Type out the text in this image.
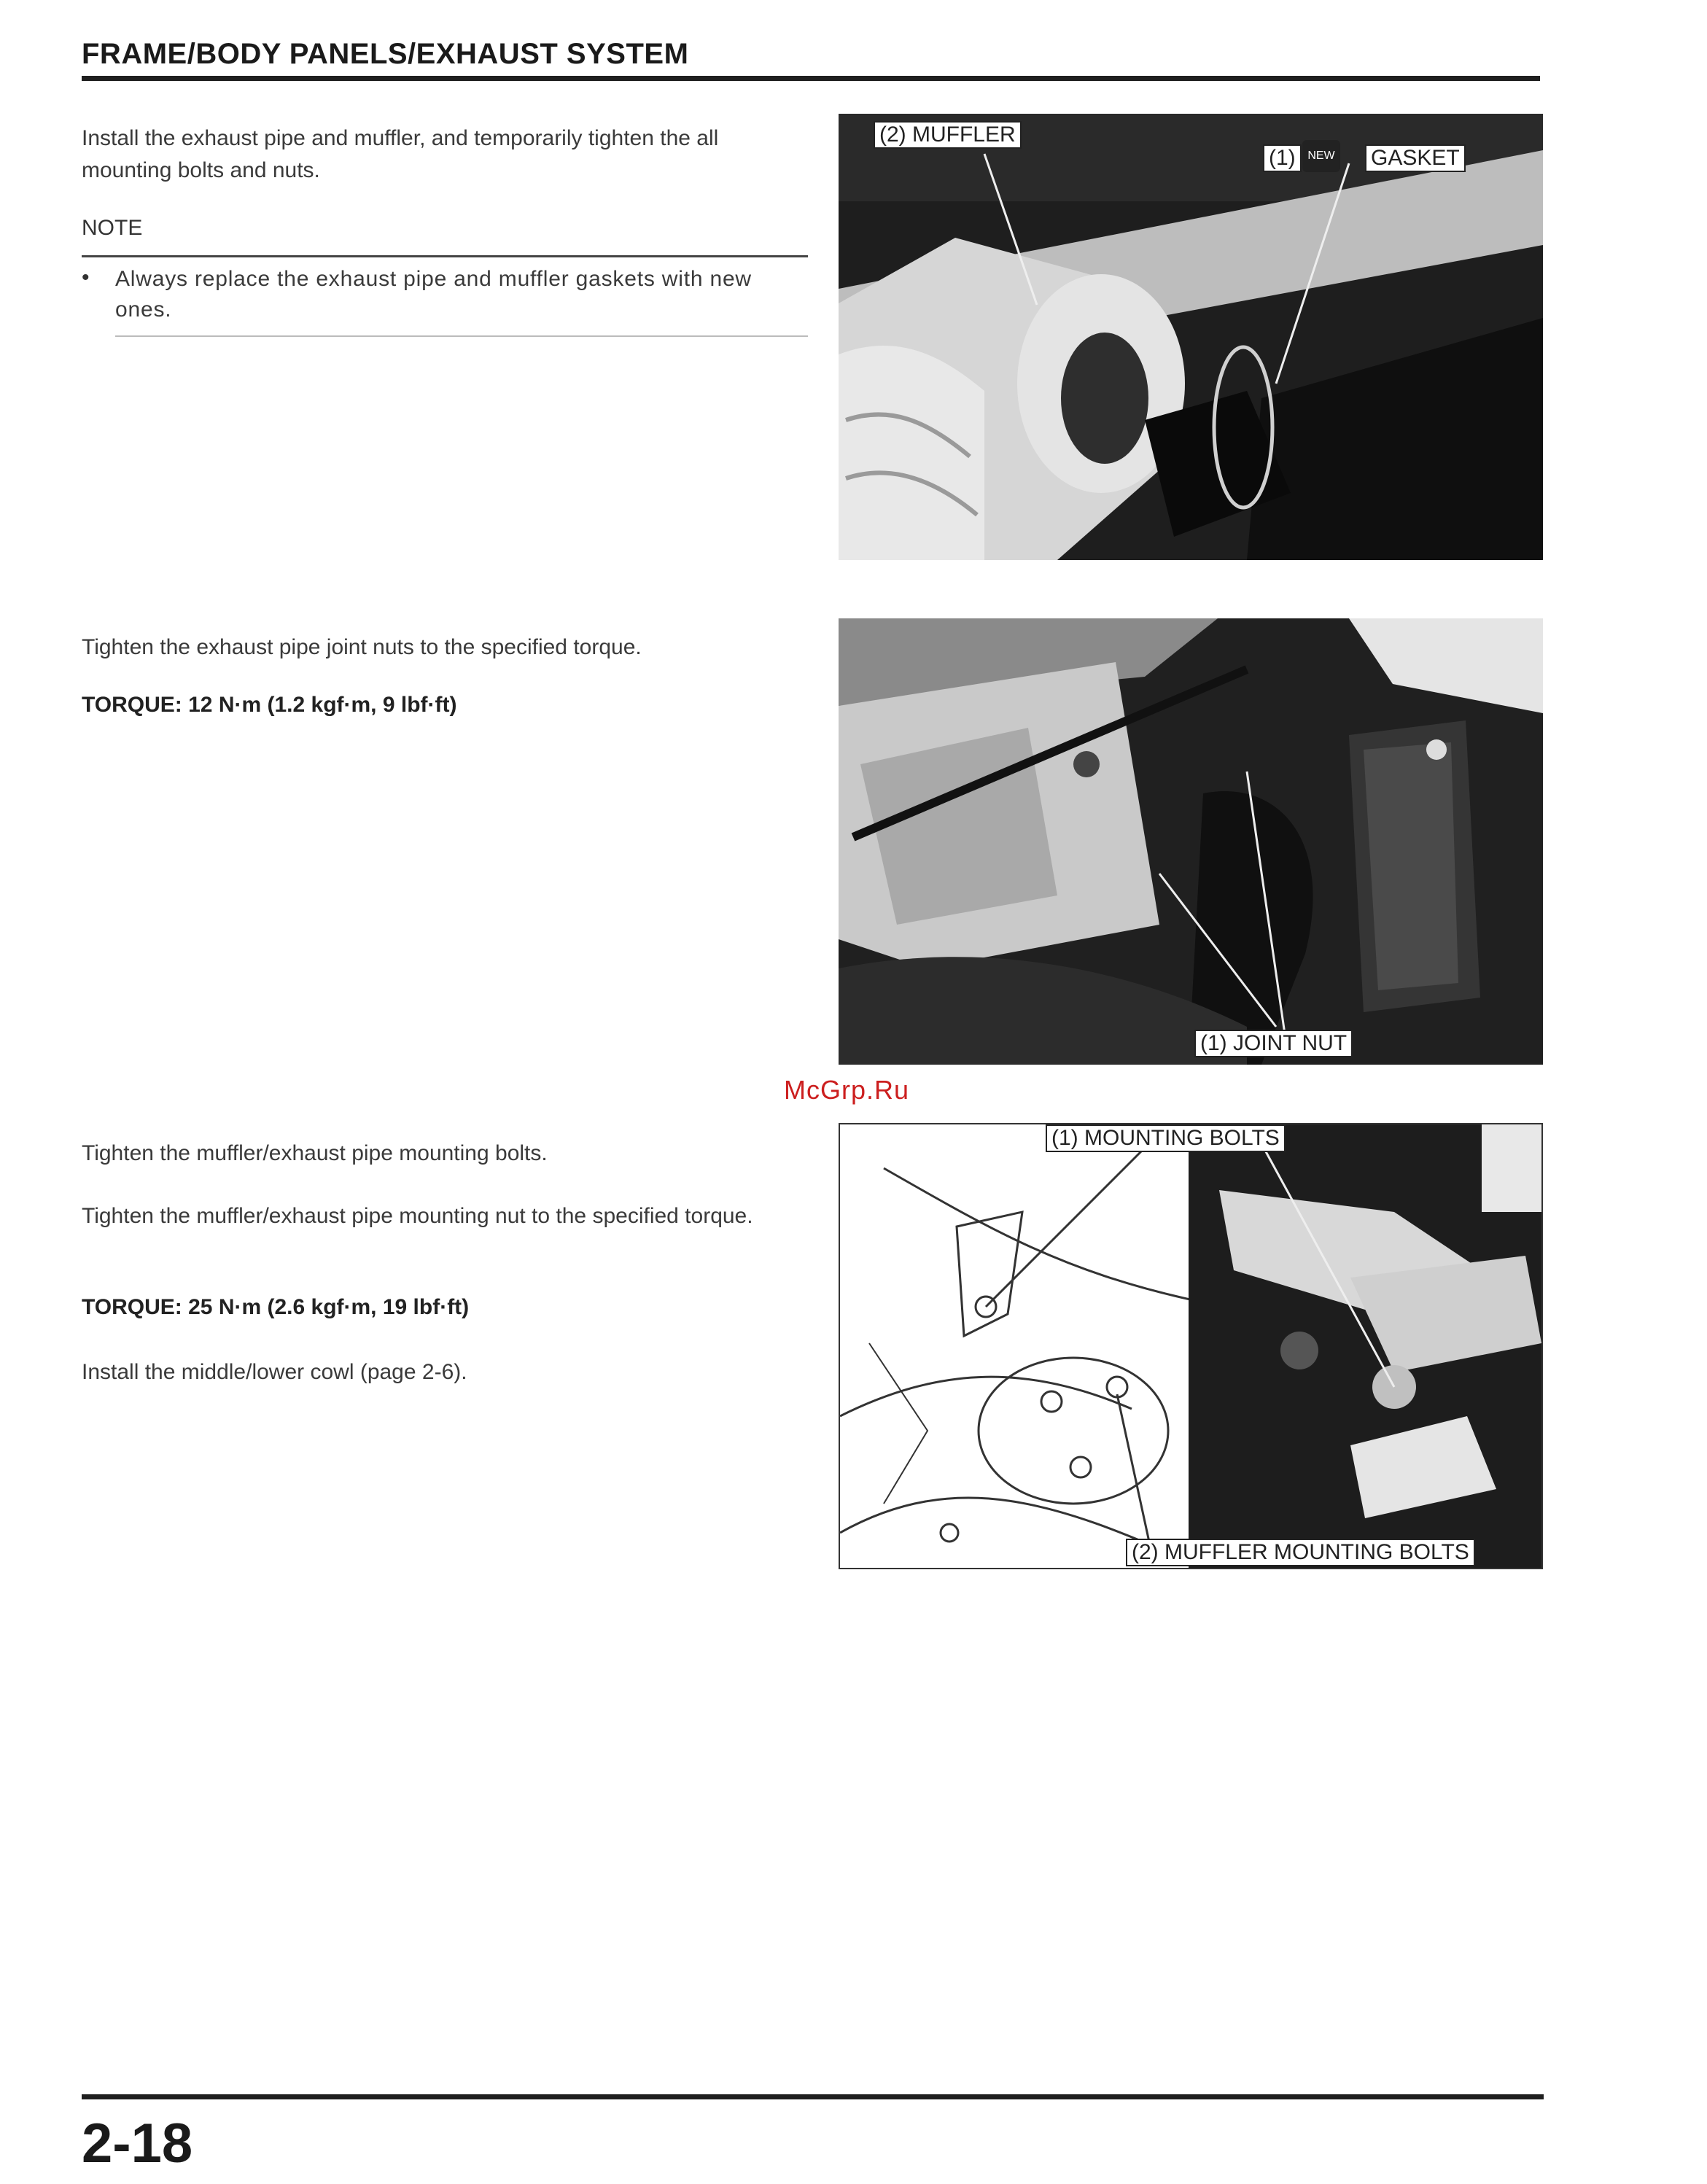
FRAME/BODY PANELS/EXHAUST SYSTEM
Install the exhaust pipe and muffler, and temporarily tighten the all mounting bolts and nuts.
NOTE
• Always replace the exhaust pipe and muffler gaskets with new ones.
Tighten the exhaust pipe joint nuts to the specified torque.
TORQUE: 12 N·m (1.2 kgf·m, 9 lbf·ft)
Tighten the muffler/exhaust pipe mounting bolts.
Tighten the muffler/exhaust pipe mounting nut to the specified torque.
TORQUE: 25 N·m (2.6 kgf·m, 19 lbf·ft)
Install the middle/lower cowl (page 2-6).
McGrp.Ru
(2) MUFFLER
(1)	NEW GASKET
(1) JOINT NUT
(1) MOUNTING BOLTS
(2) MUFFLER MOUNTING BOLTS
2-18
